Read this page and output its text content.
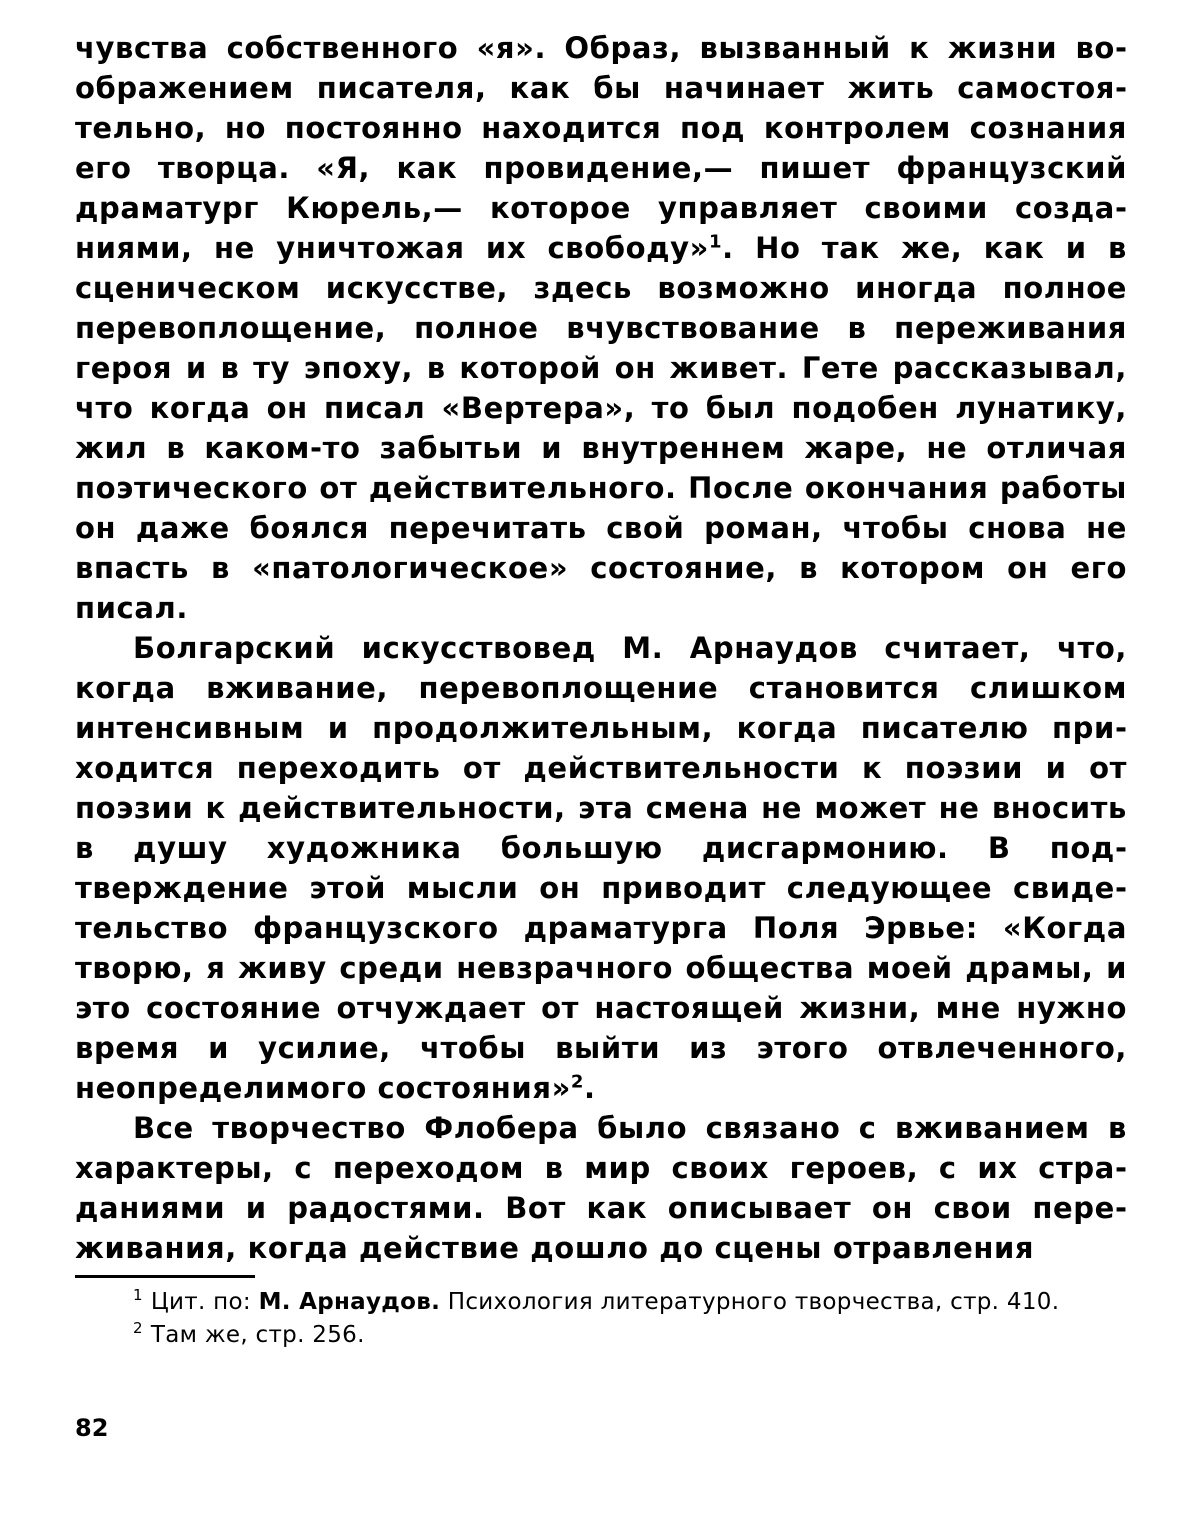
чувства собственного «я». Образ, вызванный к жизни воображением писателя, как бы начинает жить самостоятельно, но постоянно находится под контролем сознания его творца. «Я, как провидение,— пишет французский драматург Кюрель,— которое управляет своими созданиями, не уничтожая их свободу»$^1$. Но так же, как и в сценическом искусстве, здесь возможно иногда полное перевоплощение, полное вчувствование в переживания героя и в ту эпоху, в которой он живет. Гете рассказывал, что когда он писал «Вертера», то был подобен лунатику, жил в каком-то забытьи и внутреннем жаре, не отличая поэтического от действительного. После окончания работы он даже боялся перечитать свой роман, чтобы снова не впасть в «патологическое» состояние, в котором он его писал.

Болгарский искусствовед М. Арнаудов считает, что, когда вживание, перевоплощение становится слишком интенсивным и продолжительным, когда писателю приходится переходить от действительности к поэзии и от поэзии к действительности, эта смена не может не вносить в душу художника большую дисгармонию. В подтверждение этой мысли он приводит следующее свидетельство французского драматурга Поля Эрвье: «Когда творю, я живу среди невзрачного общества моей драмы, и это состояние отчуждает от настоящей жизни, мне нужно время и усилие, чтобы выйти из этого отвлеченного, неопределимого состояния»$^2$.

Все творчество Флобера было связано с вживанием в характеры, с переходом в мир своих героев, с их страданиями и радостями. Вот как описывает он свои переживания, когда действие дошло до сцены отравления

$^1$ Цит. по: М. Арнаудов. Психология литературного творчества, стр. 410.

$^2$ Там же, стр. 256.

82
